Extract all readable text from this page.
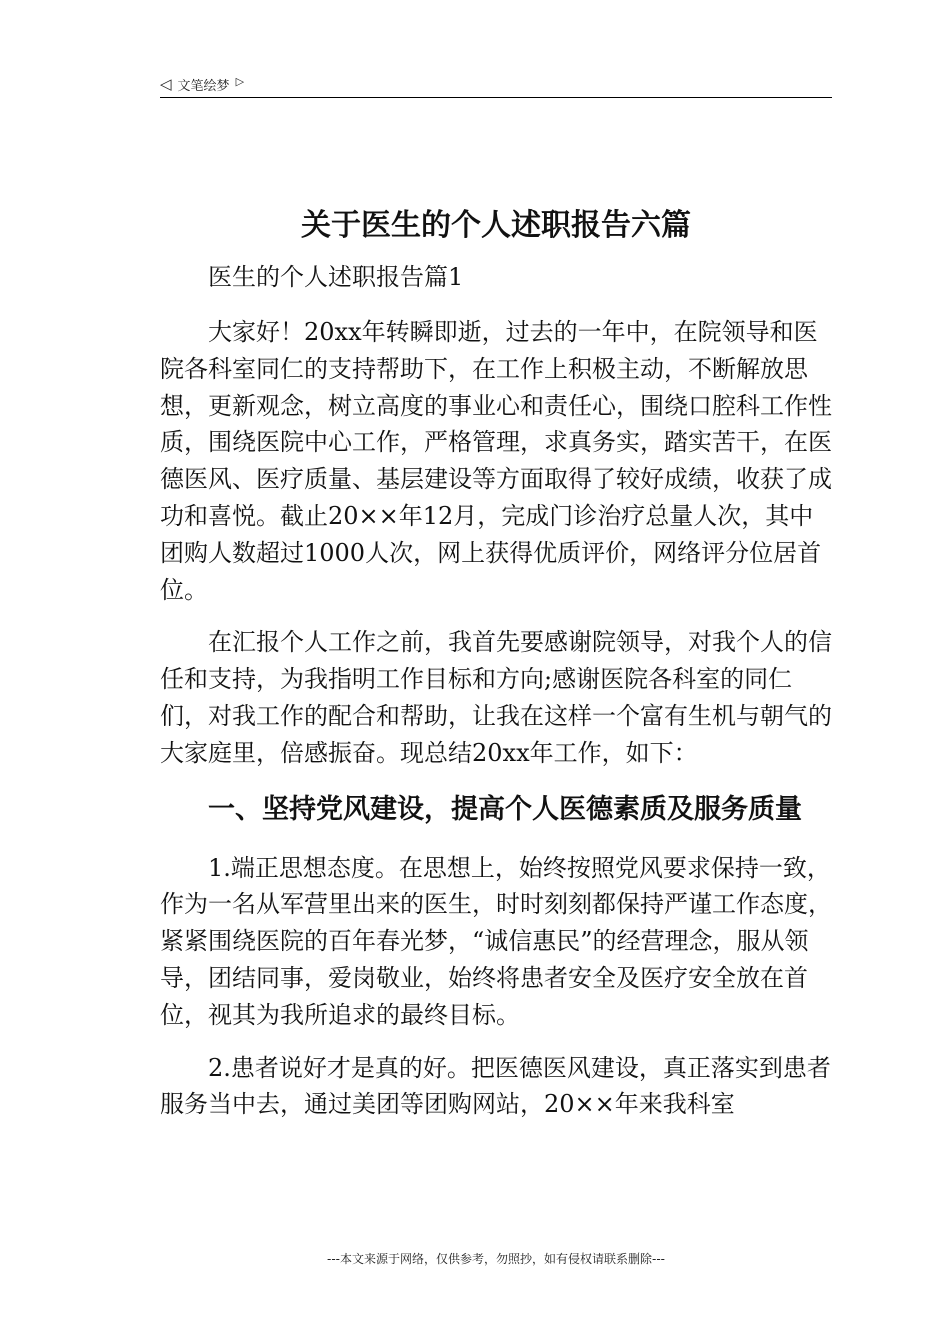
◁ 文笔绘梦 ▷
关于医生的个人述职报告六篇

医生的个人述职报告篇1

大家好！20xx年转瞬即逝，过去的一年中，在院领导和医院各科室同仁的支持帮助下，在工作上积极主动，不断解放思想，更新观念，树立高度的事业心和责任心，围绕口腔科工作性质，围绕医院中心工作，严格管理，求真务实，踏实苦干，在医德医风、医疗质量、基层建设等方面取得了较好成绩，收获了成功和喜悦。截止20××年12月，完成门诊治疗总量人次，其中团购人数超过1000人次，网上获得优质评价，网络评分位居首位。

在汇报个人工作之前，我首先要感谢院领导，对我个人的信任和支持，为我指明工作目标和方向;感谢医院各科室的同仁们，对我工作的配合和帮助，让我在这样一个富有生机与朝气的大家庭里，倍感振奋。现总结20xx年工作，如下：

一、坚持党风建设，提高个人医德素质及服务质量

1.端正思想态度。在思想上，始终按照党风要求保持一致，作为一名从军营里出来的医生，时时刻刻都保持严谨工作态度，紧紧围绕医院的百年春光梦，“诚信惠民”的经营理念，服从领导，团结同事，爱岗敬业，始终将患者安全及医疗安全放在首位，视其为我所追求的最终目标。

2.患者说好才是真的好。把医德医风建设，真正落实到患者服务当中去，通过美团等团购网站，20××年来我科室

---本文来源于网络，仅供参考，勿照抄，如有侵权请联系删除---
